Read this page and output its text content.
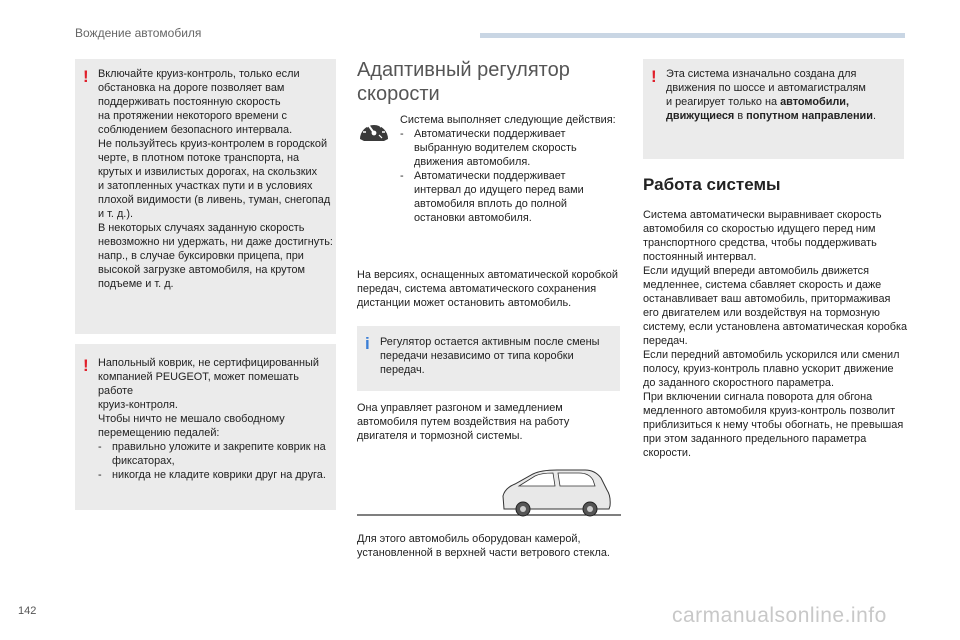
Вождение автомобиля
! Включайте круиз-контроль, только если

обстановка на дороге позволяет вам

поддерживать постоянную скорость

на протяжении некоторого времени с

соблюдением безопасного интервала.

Не пользуйтесь круиз-контролем в городской

черте, в плотном потоке транспорта, на

крутых и извилистых дорогах, на скользких

и затопленных участках пути и в условиях

плохой видимости (в ливень, туман, снегопад

и т. д.).

В некоторых случаях заданную скорость

невозможно ни удержать, ни даже достигнуть:

напр., в случае буксировки прицепа, при

высокой загрузке автомобиля, на крутом

подъеме и т. д.

! Напольный коврик, не сертифицированный

компанией PEUGEOT, может помешать работе

круиз-контроля.

Чтобы ничто не мешало свободному

перемещению педалей:

- правильно уложите и закрепите коврик на

фиксаторах,

- никогда не кладите коврики друг на друга.

Адаптивный регулятор
скорости

Система выполняет следующие действия:

- Автоматически поддерживает

выбранную водителем скорость

движения автомобиля.

- Автоматически поддерживает

интервал до идущего перед вами

автомобиля вплоть до полной

остановки автомобиля.

На версиях, оснащенных автоматической коробкой

передач, система автоматического сохранения

дистанции может остановить автомобиль.

i Регулятор остается активным после смены

передачи независимо от типа коробки

передач.

Она управляет разгоном и замедлением

автомобиля путем воздействия на работу

двигателя и тормозной системы.

Для этого автомобиль оборудован камерой,

установленной в верхней части ветрового стекла.

! Эта система изначально создана для

движения по шоссе и автомагистралям

и реагирует только на автомобили,

движущиеся в попутном направлении.

Работа системы

Система автоматически выравнивает скорость

автомобиля со скоростью идущего перед ним

транспортного средства, чтобы поддерживать

постоянный интервал.

Если идущий впереди автомобиль движется

медленнее, система сбавляет скорость и даже

останавливает ваш автомобиль, притормаживая

его двигателем или воздействуя на тормозную

систему, если установлена автоматическая коробка

передач.

Если передний автомобиль ускорился или сменил

полосу, круиз-контроль плавно ускорит движение

до заданного скоростного параметра.

При включении сигнала поворота для обгона

медленного автомобиля круиз-контроль позволит

приблизиться к нему чтобы обогнать, не превышая

при этом заданного предельного параметра

скорости.

142	carmanualsonline.info
